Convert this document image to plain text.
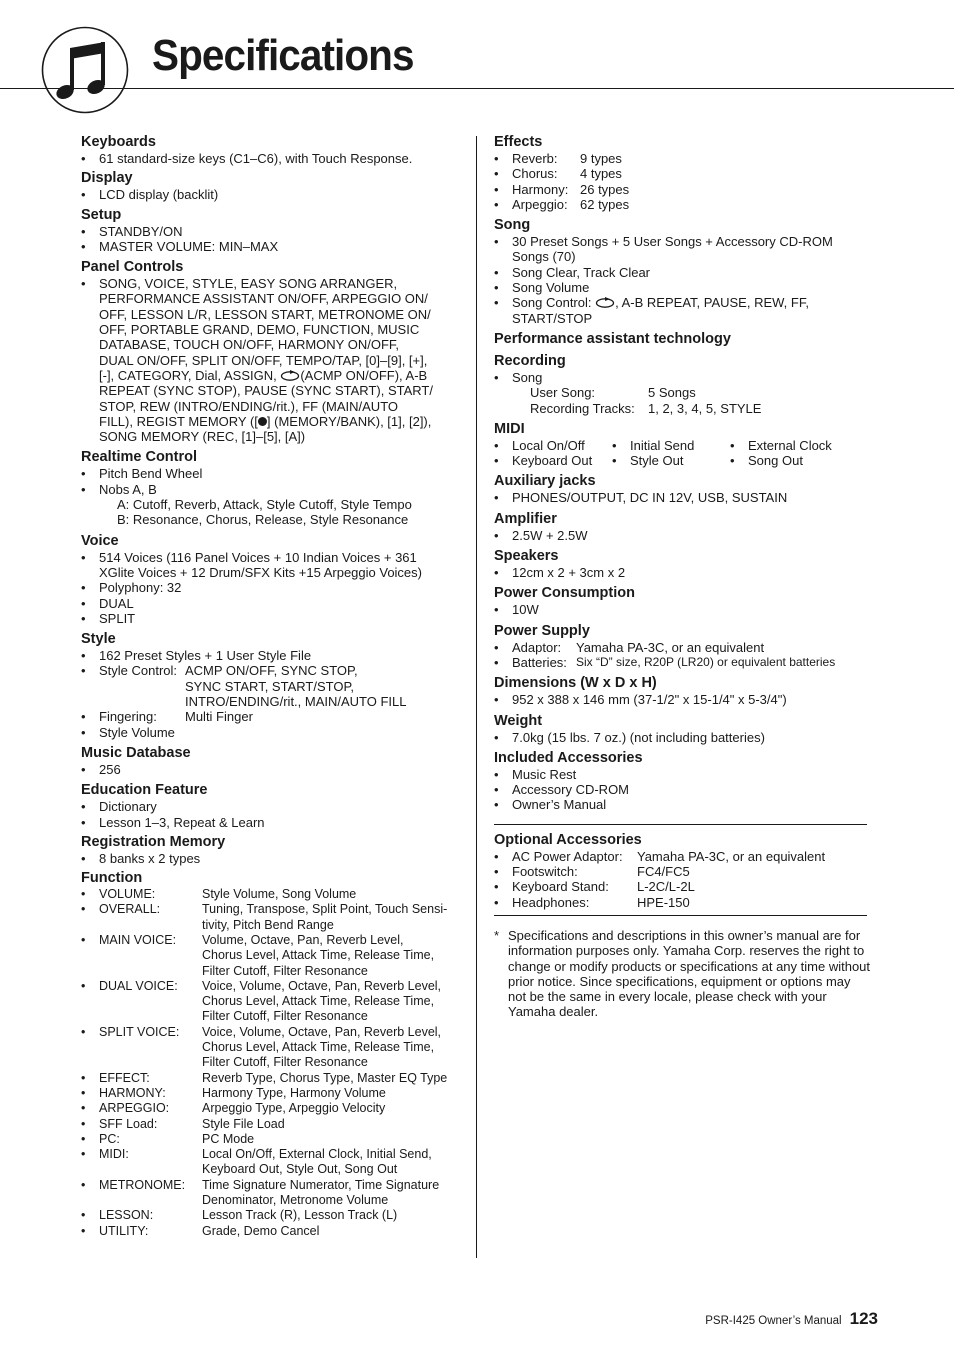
Specifications
Keyboards
• 61 standard-size keys (C1–C6), with Touch Response.
Display
• LCD display (backlit)
Setup
• STANDBY/ON
• MASTER VOLUME: MIN–MAX
Panel Controls
• SONG, VOICE, STYLE, EASY SONG ARRANGER,
PERFORMANCE ASSISTANT ON/OFF, ARPEGGIO ON/
OFF, LESSON L/R, LESSON START, METRONOME ON/
OFF, PORTABLE GRAND, DEMO, FUNCTION, MUSIC
DATABASE, TOUCH ON/OFF, HARMONY ON/OFF,
DUAL ON/OFF, SPLIT ON/OFF, TEMPO/TAP, [0]–[9], [+],
[-], CATEGORY, Dial, ASSIGN, (ACMP ON/OFF), A-B
REPEAT (SYNC STOP), PAUSE (SYNC START), START/
STOP, REW (INTRO/ENDING/rit.), FF (MAIN/AUTO
FILL), REGIST MEMORY ([ ] (MEMORY/BANK), [1], [2]),
SONG MEMORY (REC, [1]–[5], [A])
Realtime Control
• Pitch Bend Wheel
• Nobs A, B
A: Cutoff, Reverb, Attack, Style Cutoff, Style Tempo
B: Resonance, Chorus, Release, Style Resonance
Voice
• 514 Voices (116 Panel Voices + 10 Indian Voices + 361
XGlite Voices + 12 Drum/SFX Kits +15 Arpeggio Voices)
• Polyphony: 32
• DUAL
• SPLIT
Style
• 162 Preset Styles + 1 User Style File
• Style Control: ACMP ON/OFF, SYNC STOP,
SYNC START, START/STOP,
INTRO/ENDING/rit., MAIN/AUTO FILL
• Fingering:	Multi Finger
• Style Volume
Music Database
• 256
Education Feature
• Dictionary
• Lesson 1–3, Repeat & Learn
Registration Memory
• 8 banks x 2 types
Function
• VOLUME:	Style Volume, Song Volume
• OVERALL:	Tuning, Transpose, Split Point, Touch Sensi-
tivity, Pitch Bend Range
• MAIN VOICE:	Volume, Octave, Pan, Reverb Level,
Chorus Level, Attack Time, Release Time,
Filter Cutoff, Filter Resonance
• DUAL VOICE:	Voice, Volume, Octave, Pan, Reverb Level,
Chorus Level, Attack Time, Release Time,
Filter Cutoff, Filter Resonance
• SPLIT VOICE:	Voice, Volume, Octave, Pan, Reverb Level,
Chorus Level, Attack Time, Release Time,
Filter Cutoff, Filter Resonance
• EFFECT:	Reverb Type, Chorus Type, Master EQ Type
• HARMONY:	Harmony Type, Harmony Volume
• ARPEGGIO:	Arpeggio Type, Arpeggio Velocity
• SFF Load:	Style File Load
• PC:	PC Mode
• MIDI:	Local On/Off, External Clock, Initial Send,
Keyboard Out, Style Out, Song Out
• METRONOME:	Time Signature Numerator, Time Signature
Denominator, Metronome Volume
• LESSON:	Lesson Track (R), Lesson Track (L)
• UTILITY:	Grade, Demo Cancel
Effects
• Reverb:	9 types
• Chorus:	4 types
• Harmony: 26 types
• Arpeggio: 62 types
Song
• 30 Preset Songs + 5 User Songs + Accessory CD-ROM
Songs (70)
• Song Clear, Track Clear
• Song Volume
• Song Control: , A-B REPEAT, PAUSE, REW, FF,
START/STOP
Performance assistant technology
Recording
• Song
User Song:	5 Songs
Recording Tracks:	1, 2, 3, 4, 5, STYLE
MIDI
• Local On/Off	• Initial Send	• External Clock
• Keyboard Out	• Style Out	• Song Out
Auxiliary jacks
• PHONES/OUTPUT, DC IN 12V, USB, SUSTAIN
Amplifier
• 2.5W + 2.5W
Speakers
• 12cm x 2 + 3cm x 2
Power Consumption
• 10W
Power Supply
• Adaptor:	Yamaha PA-3C, or an equivalent
• Batteries: Six “D” size, R20P (LR20) or equivalent batteries
Dimensions (W x D x H)
• 952 x 388 x 146 mm (37-1/2" x 15-1/4" x 5-3/4")
Weight
• 7.0kg (15 lbs. 7 oz.) (not including batteries)
Included Accessories
• Music Rest
• Accessory CD-ROM
• Owner’s Manual
Optional Accessories
• AC Power Adaptor:	Yamaha PA-3C, or an equivalent
• Footswitch:	FC4/FC5
• Keyboard Stand:	L-2C/L-2L
• Headphones:	HPE-150
* Specifications and descriptions in this owner’s manual are for information purposes only. Yamaha Corp. reserves the right to change or modify products or specifications at any time without prior notice. Since specifications, equipment or options may not be the same in every locale, please check with your Yamaha dealer.
PSR-I425 Owner’s Manual 123
